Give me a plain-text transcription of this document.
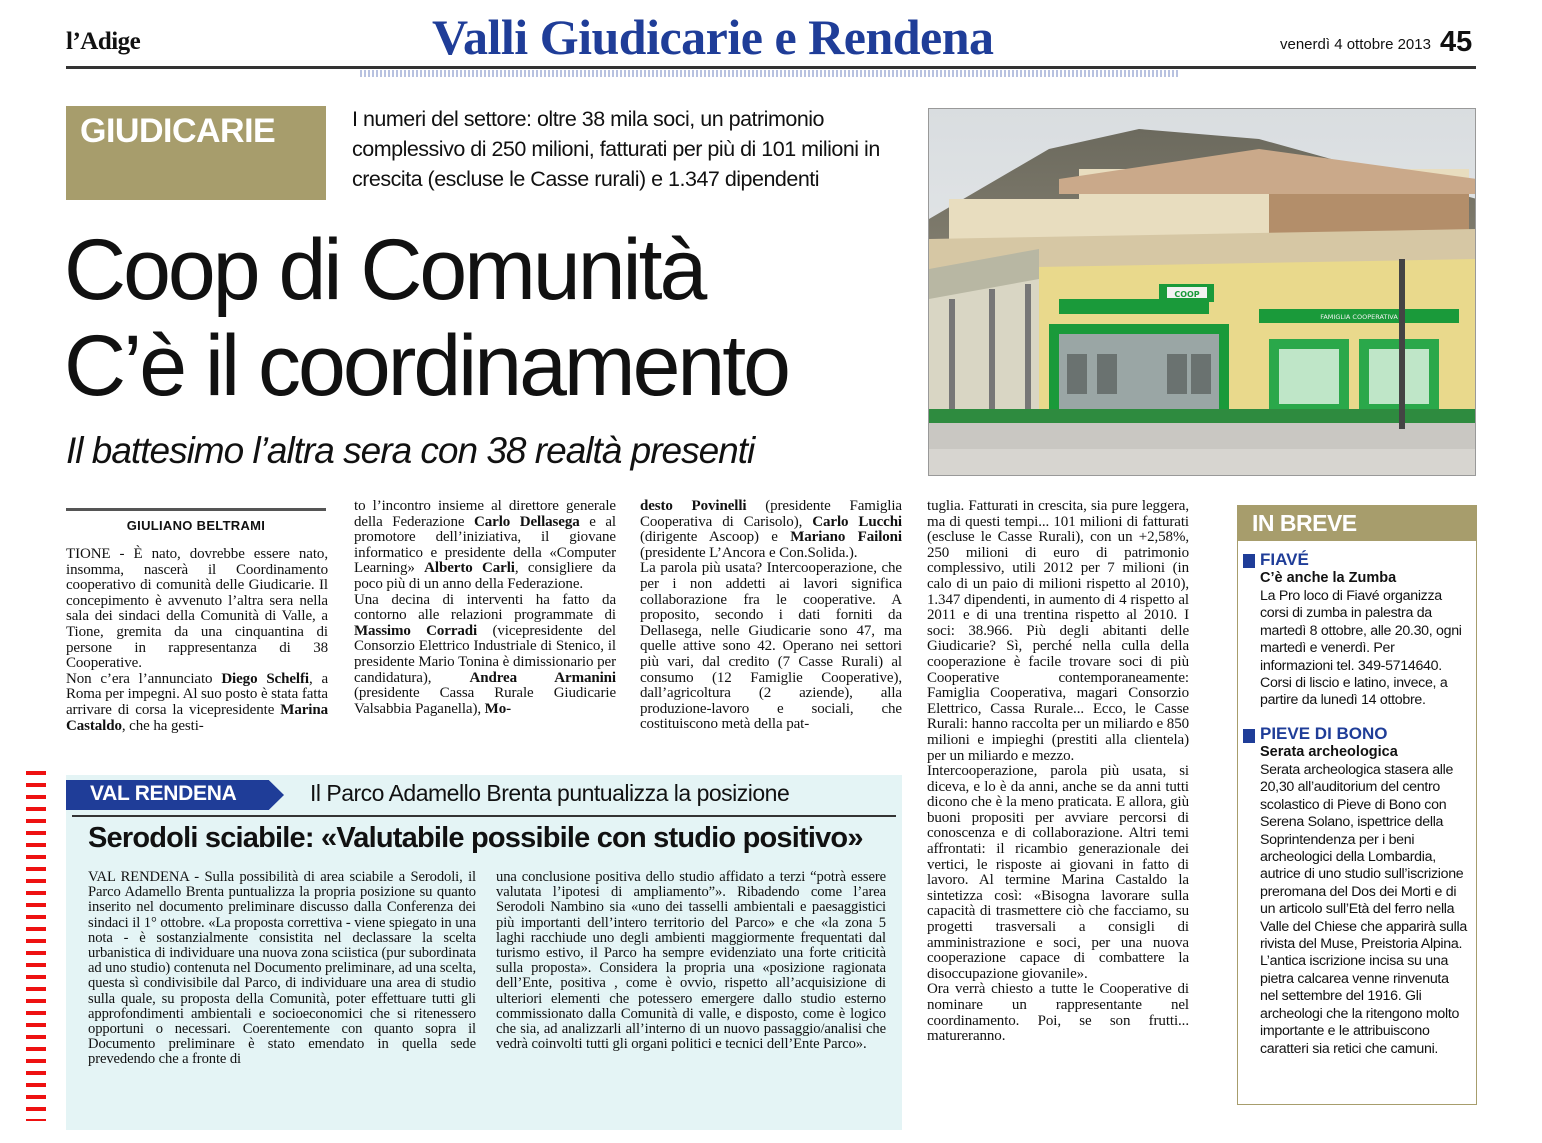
l’Adige	Valli Giudicarie e Rendena	venerdì 4 ottobre 2013 45
GIUDICARIE	I numeri del settore: oltre 38 mila soci, un patrimonio complessivo di 250 milioni, fatturati per più di 101 milioni in crescita (escluse le Casse rurali) e 1.347 dipendenti
Coop di Comunità
C’è il coordinamento
Il battesimo l’altra sera con 38 realtà presenti
COOP
FAMIGLIA COOPERATIVA
GIULIANO BELTRAMI

TIONE - È nato, dovrebbe essere nato, insomma, nascerà il Coordinamento cooperativo di comunità delle Giudicarie. Il concepimento è avvenuto l’altra sera nella sala dei sindaci della Comunità di Valle, a Tione, gremita da una cinquantina di persone in rappresentanza di 38 Cooperative.

Non c’era l’annunciato Diego Schelfi, a Roma per impegni. Al suo posto è stata fatta arrivare di corsa la vicepresidente Marina Castaldo, che ha gesti-

to l’incontro insieme al direttore generale della Federazione Carlo Dellasega e al promotore dell’iniziativa, il giovane informatico e presidente della «Computer Learning» Alberto Carli, consigliere da poco più di un anno della Federazione.

Una decina di interventi ha fatto da contorno alle relazioni programmate di Massimo Corradi (vicepresidente del Consorzio Elettrico Industriale di Stenico, il presidente Mario Tonina è dimissionario per candidatura), Andrea Armanini (presidente Cassa Rurale Giudicarie Valsabbia Paganella), Mo-

desto Povinelli (presidente Famiglia Cooperativa di Carisolo), Carlo Lucchi (dirigente Ascoop) e Mariano Failoni (presidente L’Ancora e Con.Solida.).

La parola più usata? Intercooperazione, che per i non addetti ai lavori significa collaborazione fra le cooperative. A proposito, secondo i dati forniti da Dellasega, nelle Giudicarie sono 47, ma quelle attive sono 42. Operano nei settori più vari, dal credito (7 Casse Rurali) al consumo (12 Famiglie Cooperative), dall’agricoltura (2 aziende), alla produzione-lavoro e sociali, che costituiscono metà della pat-

tuglia. Fatturati in crescita, sia pure leggera, ma di questi tempi... 101 milioni di fatturati (escluse le Casse Rurali), con un +2,58%, 250 milioni di euro di patrimonio complessivo, utili 2012 per 7 milioni (in calo di un paio di milioni rispetto al 2010), 1.347 dipendenti, in aumento di 4 rispetto al 2011 e di una trentina rispetto al 2010. I soci: 38.966. Più degli abitanti delle Giudicarie? Sì, perché nella culla della cooperazione è facile trovare soci di più Cooperative contemporaneamente: Famiglia Cooperativa, magari Consorzio Elettrico, Cassa Rurale... Ecco, le Casse Rurali: hanno raccolta per un miliardo e 850 milioni e impieghi (prestiti alla clientela) per un miliardo e mezzo.

Intercooperazione, parola più usata, si diceva, e lo è da anni, anche se da anni tutti dicono che è la meno praticata. E allora, giù buoni propositi per avviare percorsi di conoscenza e di collaborazione. Altri temi affrontati: il ricambio generazionale dei vertici, le risposte ai giovani in fatto di lavoro. Al termine Marina Castaldo la sintetizza così: «Bisogna lavorare sulla capacità di trasmettere ciò che facciamo, su progetti trasversali a consigli di amministrazione e soci, per una nuova cooperazione capace di combattere la disoccupazione giovanile».

Ora verrà chiesto a tutte le Cooperative di nominare un rappresentante nel coordinamento. Poi, se son frutti... matureranno.

IN BREVE
FIAVÉ
C’è anche la Zumba
La Pro loco di Fiavé organizza corsi di zumba in palestra da martedì 8 ottobre, alle 20.30, ogni martedì e venerdì. Per informazioni tel. 349-5714640. Corsi di liscio e latino, invece, a partire da lunedì 14 ottobre.
PIEVE DI BONO
Serata archeologica
Serata archeologica stasera alle 20,30 all’auditorium del centro scolastico di Pieve di Bono con Serena Solano, ispettrice della Soprintendenza per i beni archeologici della Lombardia, autrice di uno studio sull’iscrizione preromana del Dos dei Morti e di un articolo sull’Età del ferro nella Valle del Chiese che apparirà sulla rivista del Muse, Preistoria Alpina. L’antica iscrizione incisa su una pietra calcarea venne rinvenuta nel settembre del 1916. Gli archeologi che la ritengono molto importante e le attribuiscono caratteri sia retici che camuni.
VAL RENDENA	Il Parco Adamello Brenta puntualizza la posizione
Serodoli sciabile: «Valutabile possibile con studio positivo»
VAL RENDENA - Sulla possibilità di area sciabile a Serodoli, il Parco Adamello Brenta puntualizza la propria posizione su quanto inserito nel documento preliminare discusso dalla Conferenza dei sindaci il 1° ottobre. «La proposta correttiva - viene spiegato in una nota - è sostanzialmente consistita nel declassare la scelta urbanistica di individuare una nuova zona sciistica (pur subordinata ad uno studio) contenuta nel Documento preliminare, ad una scelta, questa sì condivisibile dal Parco, di individuare una area di studio sulla quale, su proposta della Comunità, poter effettuare tutti gli approfondimenti ambientali e socioeconomici che si ritenessero opportuni o necessari. Coerentemente con quanto sopra il Documento preliminare è stato emendato in quella sede prevedendo che a fronte di
una conclusione positiva dello studio affidato a terzi “potrà essere valutata l’ipotesi di ampliamento”». Ribadendo come l’area Serodoli Nambino sia «uno dei tasselli ambientali e paesaggistici più importanti dell’intero territorio del Parco» e che «la zona 5 laghi racchiude uno degli ambienti maggiormente frequentati dal turismo estivo, il Parco ha sempre evidenziato una forte criticità sulla proposta». Considera la propria una «posizione ragionata dell’Ente, positiva , come è ovvio, rispetto all’acquisizione di ulteriori elementi che potessero emergere dallo studio esterno commissionato dalla Comunità di valle, e disposto, come è logico che sia, ad analizzarli all’interno di un nuovo passaggio/analisi che vedrà coinvolti tutti gli organi politici e tecnici dell’Ente Parco».
